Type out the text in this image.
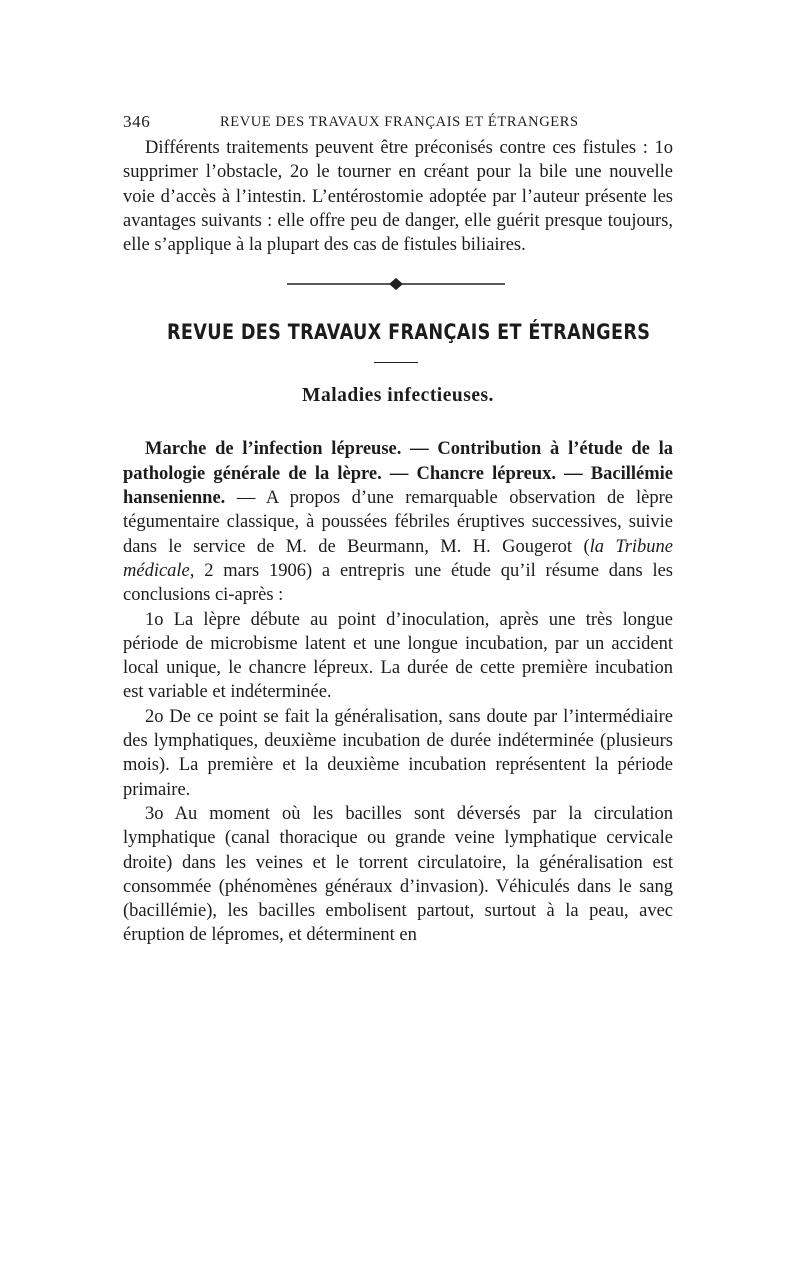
346	REVUE DES TRAVAUX FRANÇAIS ET ÉTRANGERS

Différents traitements peuvent être préconisés contre ces fistules : 1o supprimer l’obstacle, 2o le tourner en créant pour la bile une nouvelle voie d’accès à l’intestin. L’entérostomie adoptée par l’auteur présente les avantages suivants : elle offre peu de danger, elle guérit presque toujours, elle s’applique à la plupart des cas de fistules biliaires.

REVUE DES TRAVAUX FRANÇAIS ET ÉTRANGERS
Maladies infectieuses.

Marche de l’infection lépreuse. — Contribution à l’étude de la pathologie générale de la lèpre. — Chancre lépreux. — Bacillémie hansenienne. — A propos d’une remarquable observation de lèpre tégumentaire classique, à poussées fébriles éruptives successives, suivie dans le service de M. de Beurmann, M. H. Gougerot (la Tribune médicale, 2 mars 1906) a entrepris une étude qu’il résume dans les conclusions ci-après :

1o La lèpre débute au point d’inoculation, après une très longue période de microbisme latent et une longue incubation, par un accident local unique, le chancre lépreux. La durée de cette première incubation est variable et indéterminée.

2o De ce point se fait la généralisation, sans doute par l’intermédiaire des lymphatiques, deuxième incubation de durée indéterminée (plusieurs mois). La première et la deuxième incubation représentent la période primaire.

3o Au moment où les bacilles sont déversés par la circulation lymphatique (canal thoracique ou grande veine lymphatique cervicale droite) dans les veines et le torrent circulatoire, la généralisation est consommée (phénomènes généraux d’invasion). Véhiculés dans le sang (bacillémie), les bacilles embolisent partout, surtout à la peau, avec éruption de lépromes, et déterminent en
